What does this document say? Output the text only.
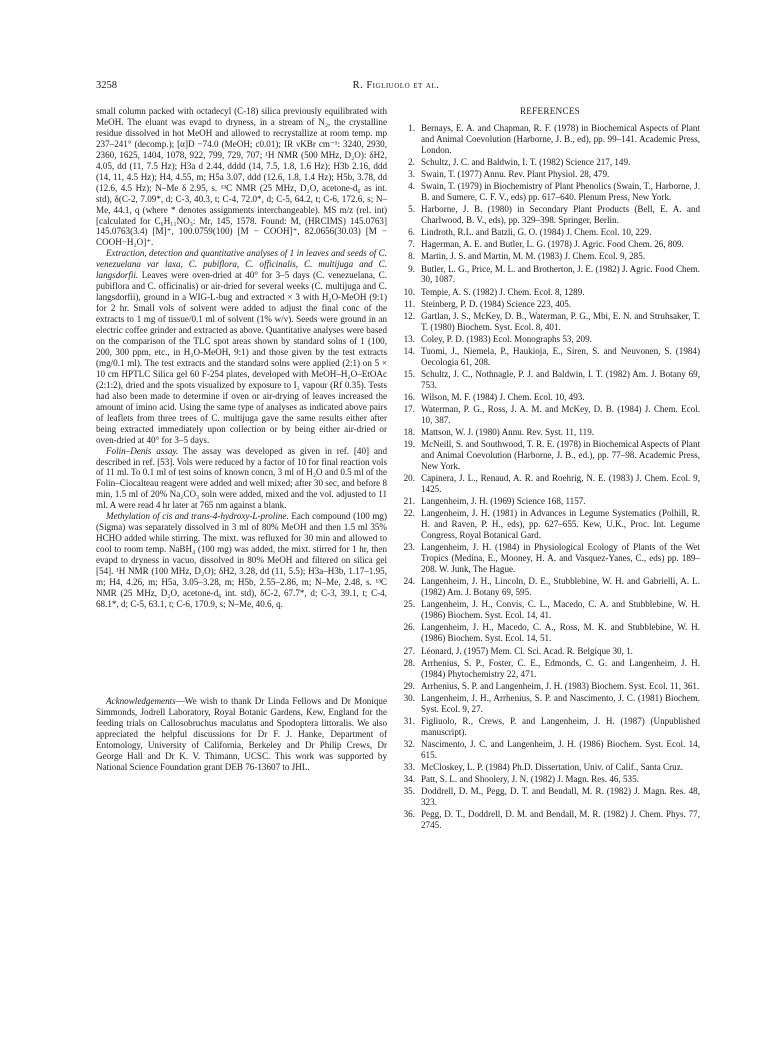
3258	R. Figliuolo et al.

small column packed with octadecyl (C-18) silica previously equilibrated with MeOH. The eluant was evapd to dryness, in a stream of N₂, the crystalline residue dissolved in hot MeOH and allowed to recrystallize at room temp. mp 237–241° (decomp.); [α]D −74.0 (MeOH; c0.01); IR νKBr cm⁻¹: 3240, 2930, 2360, 1625, 1404, 1078, 922, 799, 729, 707; ¹H NMR (500 MHz, D₂O): δH2, 4.05, dd (11, 7.5 Hz); H3a d 2.44, dddd (14, 7.5, 1.8, 1.6 Hz); H3b 2.16, ddd (14, 11, 4.5 Hz); H4, 4.55, m; H5a 3.07, ddd (12.6, 1.8, 1.4 Hz); H5b, 3.78, dd (12.6, 4.5 Hz); N–Me δ 2.95, s. ¹³C NMR (25 MHz, D₂O, acetone-d₆ as int. std), δ(C-2, 7.09*, d; C-3, 40.3, t; C-4, 72.0*, d; C-5, 64.2, t; C-6, 172.6, s; N–Me, 44.1, q (where * denotes assignments interchangeable). MS m/z (rel. int) [calculated for C₆H₁₁NO₃: Mr, 145, 1578. Found: M, (HRCIMS) 145.0763] 145.0763(3.4) [M]⁺, 100.0759(100) [M − COOH]⁺, 82.0656(30.03) [M − COOH−H₂O]⁺.

Extraction, detection and quantitative analyses of 1 in leaves and seeds of C. venezuelana var laxa, C. pubiflora, C. officinalis, C. multijuga and C. langsdorfii. Leaves were oven-dried at 40° for 3–5 days (C. venezuelana, C. pubiflora and C. officinalis) or air-dried for several weeks (C. multijuga and C. langsdorfii), ground in a WIG-L-bug and extracted × 3 with H₂O-MeOH (9:1) for 2 hr. Small vols of solvent were added to adjust the final conc of the extracts to 1 mg of tissue/0.1 ml of solvent (1% w/v). Seeds were ground in an electric coffee grinder and extracted as above. Quantitative analyses were based on the comparison of the TLC spot areas shown by standard solns of 1 (100, 200, 300 ppm, etc., in H₂O-MeOH, 9:1) and those given by the test extracts (mg/0.1 ml). The test extracts and the standard solns were applied (2:1) on 5 × 10 cm HPTLC Silica gel 60 F-254 plates, developed with MeOH–H₂O–EtOAc (2:1:2), dried and the spots visualized by exposure to I₂ vapour (Rf 0.35). Tests had also been made to determine if oven or air-drying of leaves increased the amount of imino acid. Using the same type of analyses as indicated above pairs of leaflets from three trees of C. multijuga gave the same results either after being extracted immediately upon collection or by being either air-dried or oven-dried at 40° for 3–5 days.

Folin–Denis assay. The assay was developed as given in ref. [40] and described in ref. [53]. Vols were reduced by a factor of 10 for final reaction vols of 11 ml. To 0.1 ml of test soins of known concn, 3 ml of H₂O and 0.5 ml of the Folin–Ciocalteau reagent were added and well mixed; after 30 sec, and before 8 min, 1.5 ml of 20% Na₂CO₃ soln were added, mixed and the vol. adjusted to 11 ml. A were read 4 hr later at 765 nm against a blank.

Methylation of cis and trans-4-hydroxy-L-proline. Each compound (100 mg) (Sigma) was separately dissolved in 3 ml of 80% MeOH and then 1.5 ml 35% HCHO added while stirring. The mixt. was refluxed for 30 min and allowed to cool to room temp. NaBH₄ (100 mg) was added, the mixt. stirred for 1 hr, then evapd to dryness in vacuo, dissolved in 80% MeOH and filtered on silica gel [54]. ¹H NMR (100 MHz, D₂O); δH2, 3.28, dd (11, 5.5); H3a–H3b, 1.17–1.95, m; H4, 4.26, m; H5a, 3.05–3.28, m; H5b, 2.55–2.86, m; N–Me, 2.48, s. ¹³C NMR (25 MHz, D₂O, acetone-d₆ int. std), δC-2, 67.7*, d; C-3, 39.1, t; C-4, 68.1*, d; C-5, 63.1, t; C-6, 170.9, s; N–Me, 40.6, q.

Acknowledgements—We wish to thank Dr Linda Fellows and Dr Monique Simmonds, Jodrell Laboratory, Royal Botanic Gardens, Kew, England for the feeding trials on Callosobruchus maculatus and Spodoptera littoralis. We also appreciated the helpful discussions for Dr F. J. Hanke, Department of Entomology, University of California, Berkeley and Dr Philip Crews, Dr George Hall and Dr K. V. Thimann, UCSC. This work was supported by National Science Foundation grant DEB 76-13607 to JHL.

REFERENCES
1. Bernays, E. A. and Chapman, R. F. (1978) in Biochemical Aspects of Plant and Animal Coevolution (Harborne, J. B., ed), pp. 99–141. Academic Press, London.
2. Schultz, J. C. and Baldwin, I. T. (1982) Science 217, 149.
3. Swain, T. (1977) Annu. Rev. Plant Physiol. 28, 479.
4. Swain, T. (1979) in Biochemistry of Plant Phenolics (Swain, T., Harborne, J. B. and Sumere, C. F. V., eds) pp. 617–640. Plenum Press, New York.
5. Harborne, J. B. (1980) in Secondary Plant Products (Bell, E. A. and Charlwood, B. V., eds), pp. 329–398. Springer, Berlin.
6. Lindroth, R.L. and Batzli, G. O. (1984) J. Chem. Ecol. 10, 229.
7. Hagerman, A. E. and Butler, L. G. (1978) J. Agric. Food Chem. 26, 809.
8. Martin, J. S. and Martin, M. M. (1983) J. Chem. Ecol. 9, 285.
9. Butler, L. G., Price, M. L. and Brotherton, J. E. (1982) J. Agric. Food Chem. 30, 1087.
10. Tempie, A. S. (1982) J. Chem. Ecol. 8, 1289.
11. Steinberg, P. D. (1984) Science 223, 405.
12. Gartlan, J. S., McKey, D. B., Waterman, P. G., Mbi, E. N. and Struhsaker, T. T. (1980) Biochem. Syst. Ecol. 8, 401.
13. Coley, P. D. (1983) Ecol. Monographs 53, 209.
14. Tuomi, J., Niemela, P., Haukioja, E., Siren, S. and Neuvonen, S. (1984) Oecologia 61, 208.
15. Schultz, J. C., Nothnagle, P. J. and Baldwin, I. T. (1982) Am. J. Botany 69, 753.
16. Wilson, M. F. (1984) J. Chem. Ecol. 10, 493.
17. Waterman, P. G., Ross, J. A. M. and McKey, D. B. (1984) J. Chem. Ecol. 10, 387.
18. Mattson, W. J. (1980) Annu. Rev. Syst. 11, 119.
19. McNeill, S. and Southwood, T. R. E. (1978) in Biochemical Aspects of Plant and Animal Coevolution (Harborne, J. B., ed.), pp. 77–98. Academic Press, New York.
20. Capinera, J. L., Renaud, A. R. and Roehrig, N. E. (1983) J. Chem. Ecol. 9, 1425.
21. Langenheim, J. H. (1969) Science 168, 1157.
22. Langenheim, J. H. (1981) in Advances in Legume Systematics (Polhill, R. H. and Raven, P. H., eds), pp. 627–655. Kew, U.K., Proc. Int. Legume Congress, Royal Botanical Gard.
23. Langenheim, J. H. (1984) in Physiological Ecology of Plants of the Wet Tropics (Medina, E., Mooney, H. A. and Vasquez-Yanes, C., eds) pp. 189–208. W. Junk, The Hague.
24. Langenheim, J. H., Lincoln, D. E., Stubblebine, W. H. and Gabrielli, A. L. (1982) Am. J. Botany 69, 595.
25. Langenheim, J. H., Convis, C. L., Macedo, C. A. and Stubblebine, W. H. (1986) Biochem. Syst. Ecol. 14, 41.
26. Langenheim, J. H., Macedo, C. A., Ross, M. K. and Stubblebine, W. H. (1986) Biochem. Syst. Ecol. 14, 51.
27. Léonard, J. (1957) Mem. Cl. Sci. Acad. R. Belgique 30, 1.
28. Arrhenius, S. P., Foster, C. E., Edmonds, C. G. and Langenheim, J. H. (1984) Phytochemistry 22, 471.
29. Arrhenius, S. P. and Langenheim, J. H. (1983) Biochem. Syst. Ecol. 11, 361.
30. Langenheim, J. H., Arrhenius, S. P. and Nascimento, J. C. (1981) Biochem. Syst. Ecol. 9, 27.
31. Figliuolo, R., Crews, P. and Langenheim, J. H. (1987) (Unpublished manuscript).
32. Nascimento, J. C. and Langenheim, J. H. (1986) Biochem. Syst. Ecol. 14, 615.
33. McCloskey, L. P. (1984) Ph.D. Dissertation, Univ. of Calif., Santa Cruz.
34. Patt, S. L. and Shoolery, J. N. (1982) J. Magn. Res. 46, 535.
35. Doddrell, D. M., Pegg, D. T. and Bendall, M. R. (1982) J. Magn. Res. 48, 323.
36. Pegg, D. T., Doddrell, D. M. and Bendall, M. R. (1982) J. Chem. Phys. 77, 2745.
